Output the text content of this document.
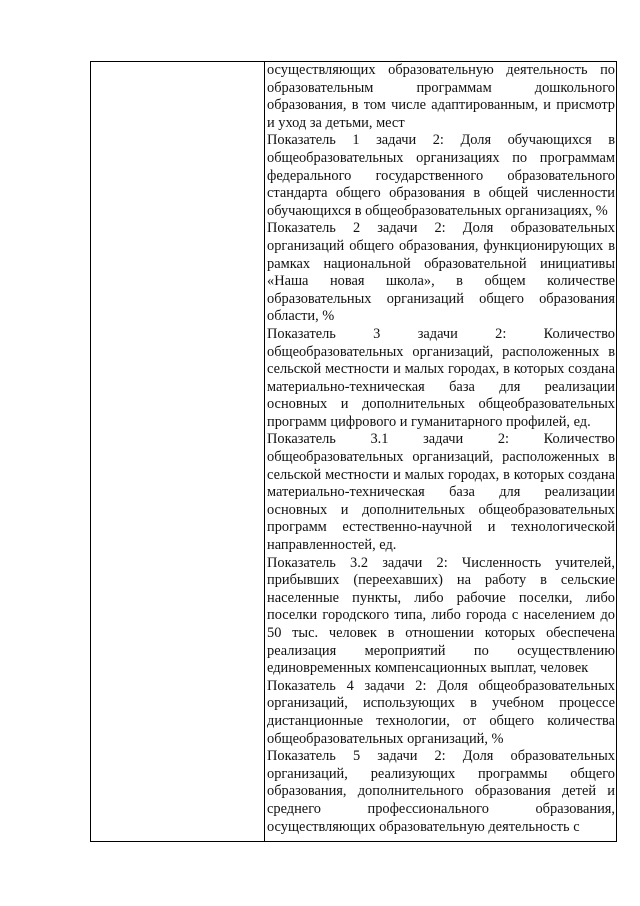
осуществляющих образовательную деятельность по образовательным программам дошкольного образования, в том числе адаптированным, и присмотр и уход за детьми, мест
Показатель 1 задачи 2: Доля обучающихся в общеобразовательных организациях по программам федерального государственного образовательного стандарта общего образования в общей численности обучающихся в общеобразовательных организациях, %
Показатель 2 задачи 2: Доля образовательных организаций общего образования, функционирующих в рамках национальной образовательной инициативы «Наша новая школа», в общем количестве образовательных организаций общего образования области, %
Показатель 3 задачи 2: Количество общеобразовательных организаций, расположенных в сельской местности и малых городах, в которых создана материально-техническая база для реализации основных и дополнительных общеобразовательных программ цифрового и гуманитарного профилей, ед.
Показатель 3.1 задачи 2: Количество общеобразовательных организаций, расположенных в сельской местности и малых городах, в которых создана материально-техническая база для реализации основных и дополнительных общеобразовательных программ естественно-научной и технологической направленностей, ед.
Показатель 3.2 задачи 2: Численность учителей, прибывших (переехавших) на работу в сельские населенные пункты, либо рабочие поселки, либо поселки городского типа, либо города с населением до 50 тыс. человек в отношении которых обеспечена реализация мероприятий по осуществлению единовременных компенсационных выплат, человек
Показатель 4 задачи 2: Доля общеобразовательных организаций, использующих в учебном процессе дистанционные технологии, от общего количества общеобразовательных организаций, %
Показатель 5 задачи 2: Доля образовательных организаций, реализующих программы общего образования, дополнительного образования детей и среднего профессионального образования, осуществляющих образовательную деятельность с
